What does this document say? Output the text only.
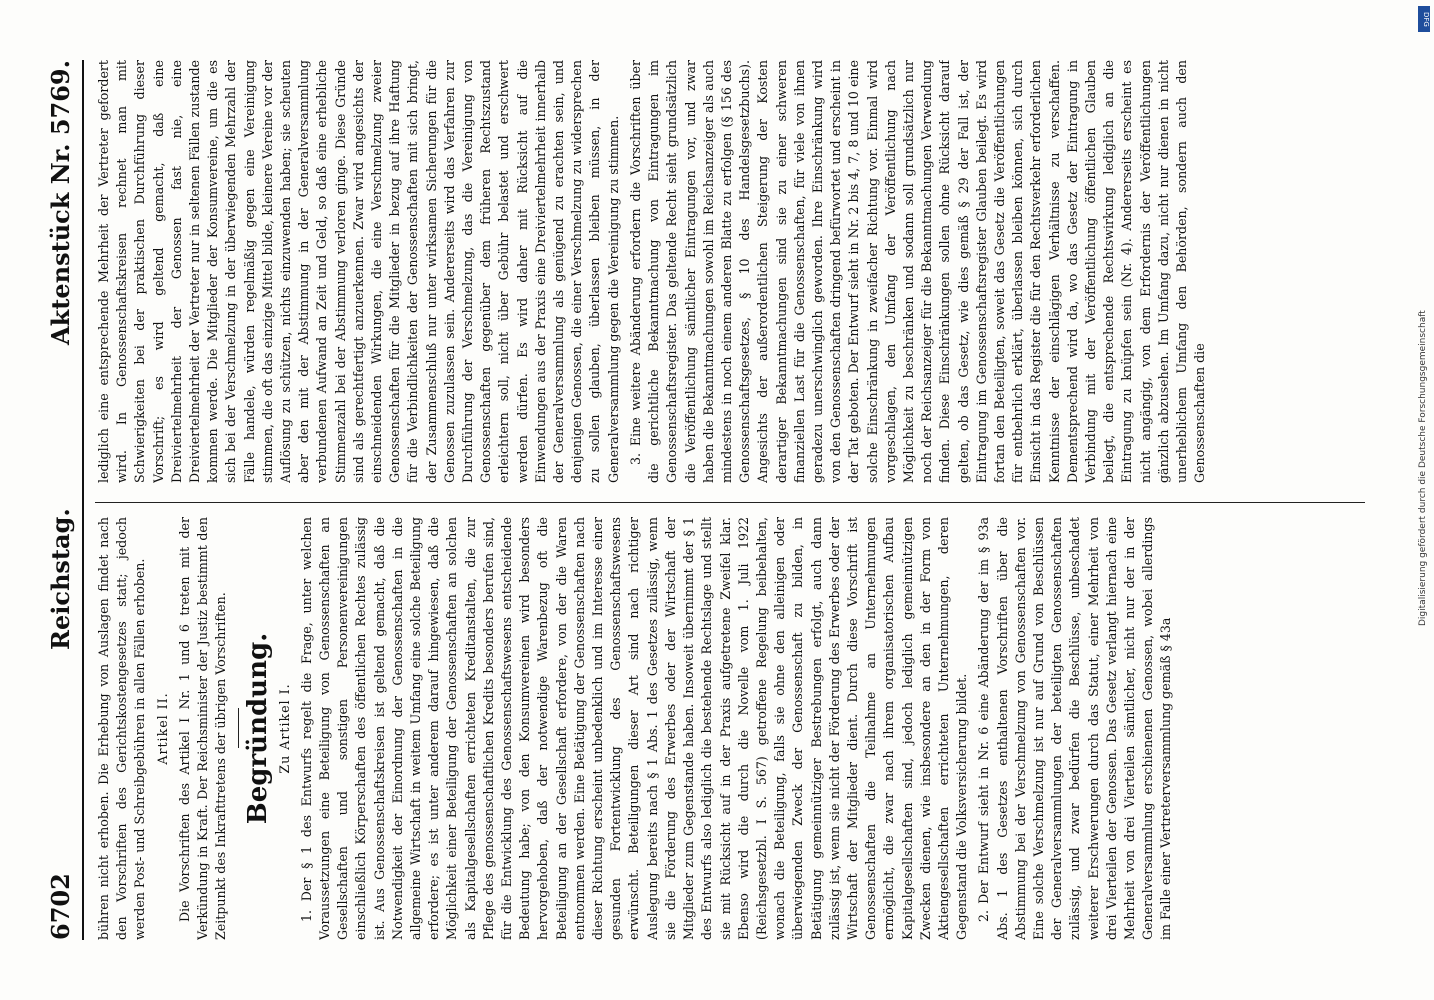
6702
Reichstag.
Aktenstück Nr. 5769.

bühren nicht erhoben. Die Erhebung von Auslagen findet nach den Vorschriften des Gerichtskostengesetzes statt; jedoch werden Post- und Schreibgebühren in allen Fällen erhoben. Artikel II. Die Vorschriften des Artikel I Nr. 1 und 6 treten mit der Verkündung in Kraft. Der Reichsminister der Justiz bestimmt den Zeitpunkt des Inkrafttretens der übrigen Vorschriften. Begründung. Zu Artikel I. 1. Der § 1 des Entwurfs regelt die Frage, unter welchen Voraussetzungen eine Beteiligung von Genossenschaften an Gesellschaften und sonstigen Personenvereinigungen einschließlich Körperschaften des öffentlichen Rechtes zulässig ist. Aus Genossenschaftskreisen ist geltend gemacht, daß die Notwendigkeit der Einordnung der Genossenschaften in die allgemeine Wirtschaft in weitem Umfang eine solche Beteiligung erfordere; es ist unter anderem darauf hingewiesen, daß die Möglichkeit einer Beteiligung der Genossenschaften an solchen als Kapitalgesellschaften errichteten Kreditanstalten, die zur Pflege des genossenschaftlichen Kredits besonders berufen sind, für die Entwicklung des Genossenschaftswesens entscheidende Bedeutung habe; von den Konsumvereinen wird besonders hervorgehoben, daß der notwendige Warenbezug oft die Beteiligung an der Gesellschaft erfordere, von der die Waren entnommen werden. Eine Betätigung der Genossenschaften nach dieser Richtung erscheint unbedenklich und im Interesse einer gesunden Fortentwicklung des Genossenschaftswesens erwünscht. Beteiligungen dieser Art sind nach richtiger Auslegung bereits nach § 1 Abs. 1 des Gesetzes zulässig, wenn sie die Förderung des Erwerbes oder der Wirtschaft der Mitglieder zum Gegenstande haben. Insoweit übernimmt der § 1 des Entwurfs also lediglich die bestehende Rechtslage und stellt sie mit Rücksicht auf in der Praxis aufgetretene Zweifel klar. Ebenso wird die durch die Novelle vom 1. Juli 1922 (Reichsgesetzbl. I S. 567) getroffene Regelung beibehalten, wonach die Beteiligung, falls sie ohne den alleinigen oder überwiegenden Zweck der Genossenschaft zu bilden, in Betätigung gemeinnütziger Bestrebungen erfolgt, auch dann zulässig ist, wenn sie nicht der Förderung des Erwerbes oder der Wirtschaft der Mitglieder dient. Durch diese Vorschrift ist Genossenschaften die Teilnahme an Unternehmungen ermöglicht, die zwar nach ihrem organisatorischen Aufbau Kapitalgesellschaften sind, jedoch lediglich gemeinnützigen Zwecken dienen, wie insbesondere an den in der Form von Aktiengesellschaften errichteten Unternehmungen, deren Gegenstand die Volksversicherung bildet. 2. Der Entwurf sieht in Nr. 6 eine Abänderung der im § 93a Abs. 1 des Gesetzes enthaltenen Vorschriften über die Abstimmung bei der Verschmelzung von Genossenschaften vor. Eine solche Verschmelzung ist nur auf Grund von Beschlüssen der Generalversammlungen der beteiligten Genossenschaften zulässig, und zwar bedürfen die Beschlüsse, unbeschadet weiterer Erschwerungen durch das Statut, einer Mehrheit von drei Vierteilen der Genossen. Das Gesetz verlangt hiernach eine Mehrheit von drei Vierteilen sämtlicher, nicht nur der in der Generalversammlung erschienenen Genossen, wobei allerdings im Falle einer Vertreterversammlung gemäß § 43a

lediglich eine entsprechende Mehrheit der Vertreter gefordert wird. In Genossenschaftskreisen rechnet man mit Schwierigkeiten bei der praktischen Durchführung dieser Vorschrift; es wird geltend gemacht, daß eine Dreiviertelmehrheit der Genossen fast nie, eine Dreiviertelmehrheit der Vertreter nur in seltenen Fällen zustande kommen werde. Die Mitglieder der Konsumvereine, um die es sich bei der Verschmelzung in der überwiegenden Mehrzahl der Fälle handele, würden regelmäßig gegen eine Vereinigung stimmen, die oft das einzige Mittel bilde, kleinere Vereine vor der Auflösung zu schützen, nichts einzuwenden haben; sie scheuten aber den mit der Abstimmung in der Generalversammlung verbundenen Aufwand an Zeit und Geld, so daß eine erhebliche Stimmenzahl bei der Abstimmung verloren ginge. Diese Gründe sind als gerechtfertigt anzuerkennen. Zwar wird angesichts der einschneidenden Wirkungen, die eine Verschmelzung zweier Genossenschaften für die Mitglieder in bezug auf ihre Haftung für die Verbindlichkeiten der Genossenschaften mit sich bringt, der Zusammenschluß nur unter wirksamen Sicherungen für die Genossen zuzulassen sein. Andererseits wird das Verfahren zur Durchführung der Verschmelzung, das die Vereinigung von Genossenschaften gegenüber dem früheren Rechtszustand erleichtern soll, nicht über Gebühr belastet und erschwert werden dürfen. Es wird daher mit Rücksicht auf die Einwendungen aus der Praxis eine Dreiviertelmehrheit innerhalb der Generalversammlung als genügend zu erachten sein, und denjenigen Genossen, die einer Verschmelzung zu widersprechen zu sollen glauben, überlassen bleiben müssen, in der Generalversammlung gegen die Vereinigung zu stimmen. 3. Eine weitere Abänderung erfordern die Vorschriften über die gerichtliche Bekanntmachung von Eintragungen im Genossenschaftsregister. Das geltende Recht sieht grundsätzlich die Veröffentlichung sämtlicher Eintragungen vor, und zwar haben die Bekanntmachungen sowohl im Reichsanzeiger als auch mindestens in noch einem anderen Blatte zu erfolgen (§ 156 des Genossenschaftsgesetzes, § 10 des Handelsgesetzbuchs). Angesichts der außerordentlichen Steigerung der Kosten derartiger Bekanntmachungen sind sie zu einer schweren finanziellen Last für die Genossenschaften, für viele von ihnen geradezu unerschwinglich geworden. Ihre Einschränkung wird von den Genossenschaften dringend befürwortet und erscheint in der Tat geboten. Der Entwurf sieht in Nr. 2 bis 4, 7, 8 und 10 eine solche Einschränkung in zweifacher Richtung vor. Einmal wird vorgeschlagen, den Umfang der Veröffentlichung nach Möglichkeit zu beschränken und sodann soll grundsätzlich nur noch der Reichsanzeiger für die Bekanntmachungen Verwendung finden. Diese Einschränkungen sollen ohne Rücksicht darauf gelten, ob das Gesetz, wie dies gemäß § 29 der Fall ist, der Eintragung im Genossenschaftsregister Glauben beilegt. Es wird fortan den Beteiligten, soweit das Gesetz die Veröffentlichungen für entbehrlich erklärt, überlassen bleiben können, sich durch Einsicht in das Register die für den Rechtsverkehr erforderlichen Kenntnisse der einschlägigen Verhältnisse zu verschaffen. Dementsprechend wird da, wo das Gesetz der Eintragung in Verbindung mit der Veröffentlichung öffentlichen Glauben beilegt, die entsprechende Rechtswirkung lediglich an die Eintragung zu knüpfen sein (Nr. 4). Andererseits erscheint es nicht angängig, von dem Erfordernis der Veröffentlichungen gänzlich abzusehen. Im Umfang dazu, nicht nur dienen in nicht unerheblichem Umfang den Behörden, sondern auch den Genossenschaften die

DFG
Digitalisierung gefördert durch die Deutsche Forschungsgemeinschaft
